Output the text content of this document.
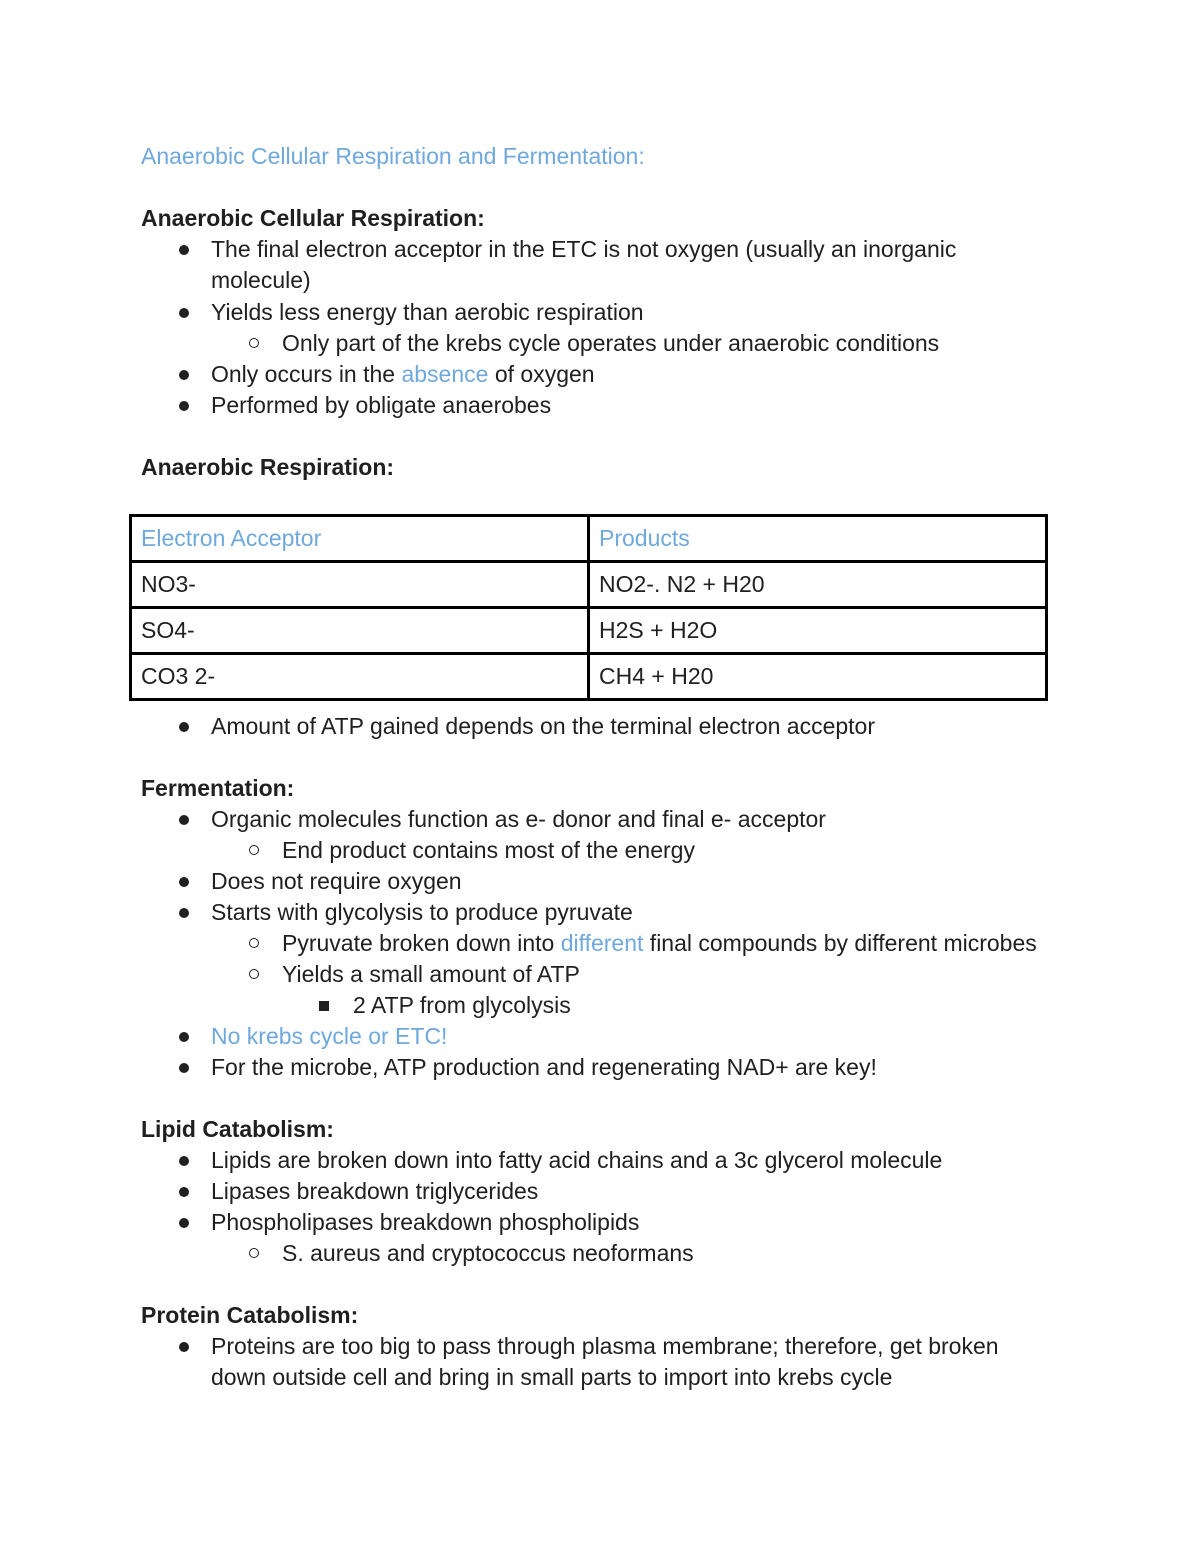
Anaerobic Cellular Respiration and Fermentation:
Anaerobic Cellular Respiration:
The final electron acceptor in the ETC is not oxygen (usually an inorganic
molecule)
Yields less energy than aerobic respiration
Only part of the krebs cycle operates under anaerobic conditions
Only occurs in the absence of oxygen
Performed by obligate anaerobes
Anaerobic Respiration:
Electron Acceptor	Products
NO3-	NO2-. N2 + H20
SO4-	H2S + H2O
CO3 2-	CH4 + H20
Amount of ATP gained depends on the terminal electron acceptor
Fermentation:
Organic molecules function as e- donor and final e- acceptor
End product contains most of the energy
Does not require oxygen
Starts with glycolysis to produce pyruvate
Pyruvate broken down into different final compounds by different microbes
Yields a small amount of ATP
2 ATP from glycolysis
No krebs cycle or ETC!
For the microbe, ATP production and regenerating NAD+ are key!
Lipid Catabolism:
Lipids are broken down into fatty acid chains and a 3c glycerol molecule
Lipases breakdown triglycerides
Phospholipases breakdown phospholipids
S. aureus and cryptococcus neoformans
Protein Catabolism:
Proteins are too big to pass through plasma membrane; therefore, get broken
down outside cell and bring in small parts to import into krebs cycle
